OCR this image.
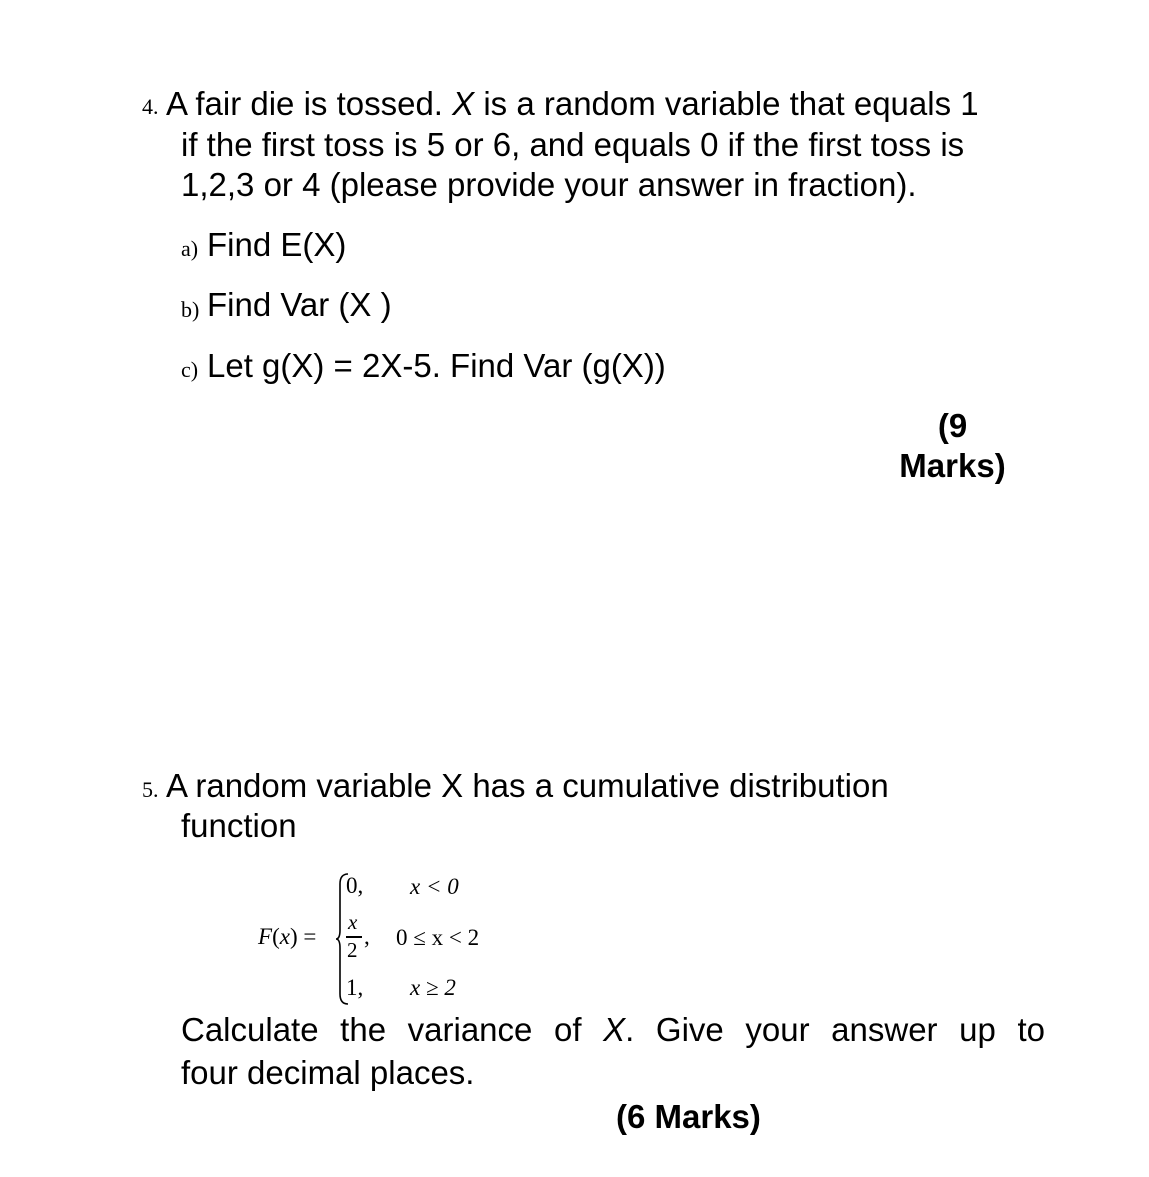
4. A fair die is tossed. X is a random variable that equals 1
if the first toss is 5 or 6, and equals 0 if the first toss is
1,2,3 or 4 (please provide your answer in fraction).
a) Find E(X)
b) Find Var (X )
c) Let g(X) = 2X-5. Find Var (g(X))
(9
Marks)
5. A random variable X has a cumulative distribution
function
F(x) =
0, x < 0
x
2
, 0 ≤ x < 2
1, x ≥ 2
Calculate the variance of X. Give your answer up to
four decimal places.
(6 Marks)
